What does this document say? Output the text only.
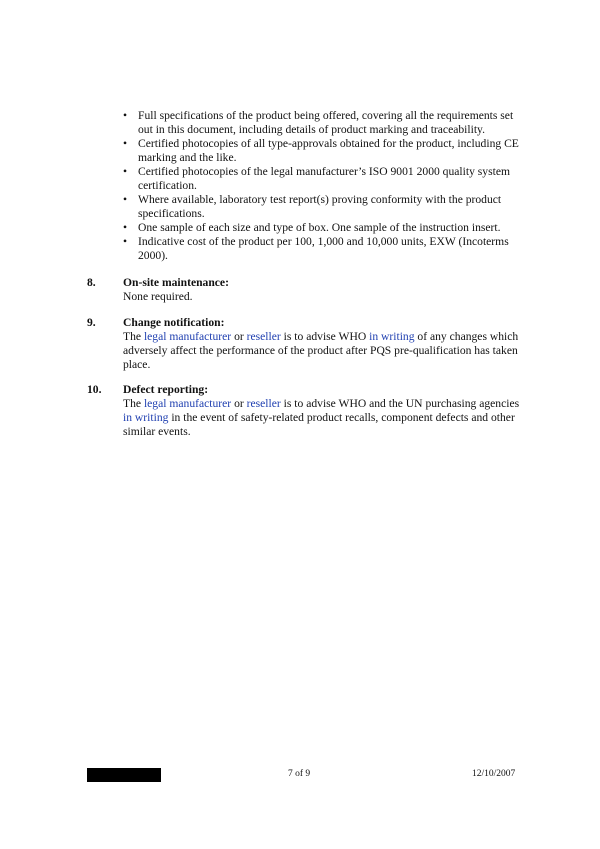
• Full specifications of the product being offered, covering all the requirements set out in this document, including details of product marking and traceability.
• Certified photocopies of all type-approvals obtained for the product, including CE marking and the like.
• Certified photocopies of the legal manufacturer’s ISO 9001 2000 quality system certification.
• Where available, laboratory test report(s) proving conformity with the product specifications.
• One sample of each size and type of box. One sample of the instruction insert.
• Indicative cost of the product per 100, 1,000 and 10,000 units, EXW (Incoterms 2000).
8. On-site maintenance:
None required.
9. Change notification:
The legal manufacturer or reseller is to advise WHO in writing of any changes which adversely affect the performance of the product after PQS pre-qualification has taken place.
10. Defect reporting:
The legal manufacturer or reseller is to advise WHO and the UN purchasing agencies in writing in the event of safety-related product recalls, component defects and other similar events.
7 of 9	12/10/2007
